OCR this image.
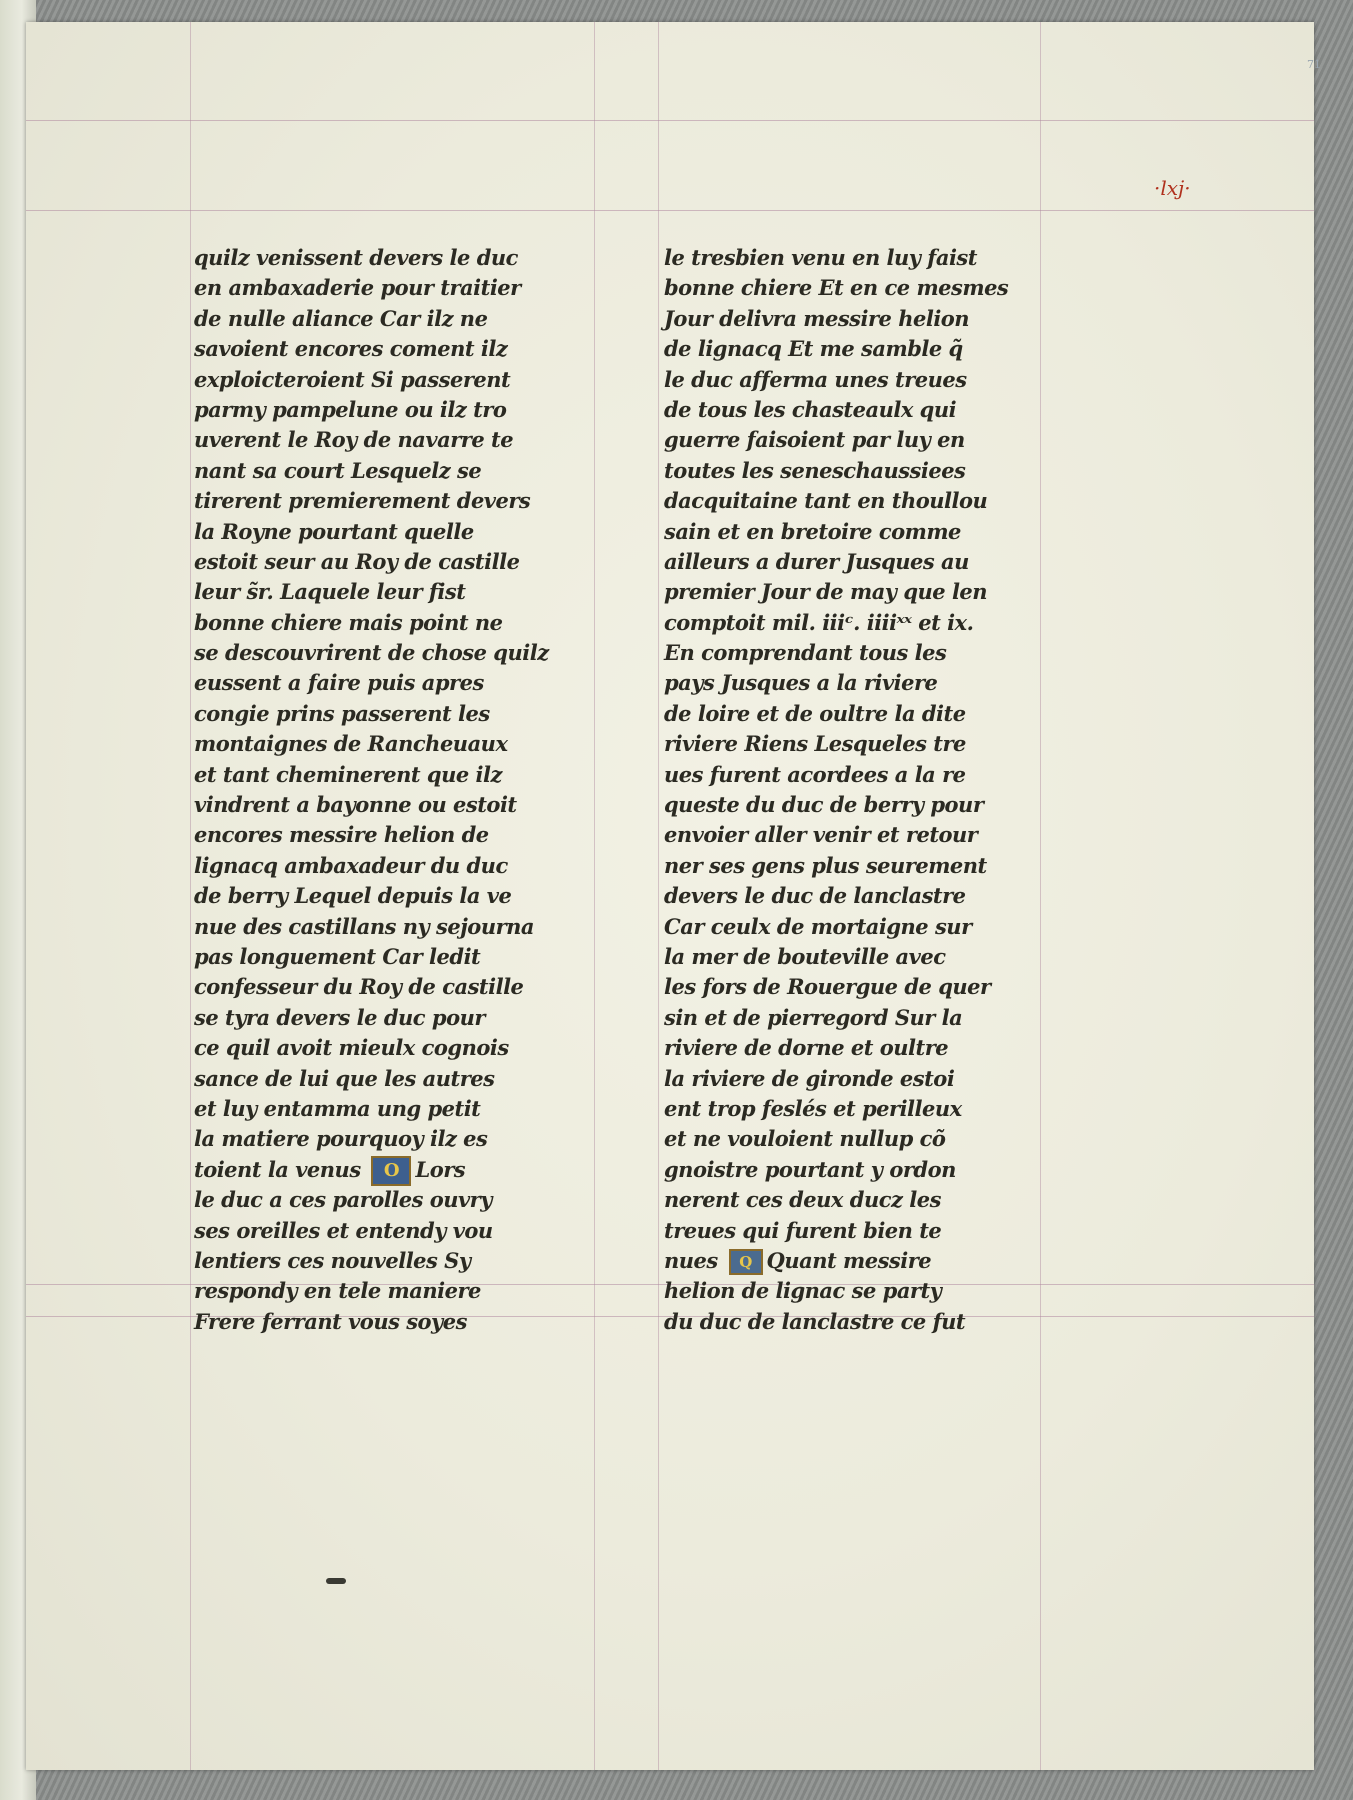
71
·lxj·
quilz venissent devers le duc
en ambaxaderie pour traitier
de nulle aliance Car ilz ne
savoient encores coment ilz
exploicteroient Si passerent
parmy pampelune ou ilz tro
uverent le Roy de navarre te
nant sa court Lesquelz se
tirerent premierement devers
la Royne pourtant quelle
estoit seur au Roy de castille
leur s̃r. Laquele leur fist
bonne chiere mais point ne
se descouvrirent de chose quilz
eussent a faire puis apres
congie prins passerent les
montaignes de Rancheuaux
et tant cheminerent que ilz
vindrent a bayonne ou estoit
encores messire helion de
lignacq ambaxadeur du duc
de berry Lequel depuis la ve
nue des castillans ny sejourna
pas longuement Car ledit
confesseur du Roy de castille
se tyra devers le duc pour
ce quil avoit mieulx cognois
sance de lui que les autres
et luy entamma ung petit
la matiere pourquoy ilz es
toient la venus O Lors
le duc a ces parolles ouvry
ses oreilles et entendy vou
lentiers ces nouvelles Sy
respondy en tele maniere
Frere ferrant vous soyes
le tresbien venu en luy faist
bonne chiere Et en ce mesmes
Jour delivra messire helion
de lignacq Et me samble q̃
le duc afferma unes treues
de tous les chasteaulx qui
guerre faisoient par luy en
toutes les seneschaussiees
dacquitaine tant en thoullou
sain et en bretoire comme
ailleurs a durer Jusques au
premier Jour de may que len
comptoit mil. iiiᶜ. iiiiˣˣ et ix.
En comprendant tous les
pays Jusques a la riviere
de loire et de oultre la dite
riviere Riens Lesqueles tre
ues furent acordees a la re
queste du duc de berry pour
envoier aller venir et retour
ner ses gens plus seurement
devers le duc de lanclastre
Car ceulx de mortaigne sur
la mer de bouteville avec
les fors de Rouergue de quer
sin et de pierregord Sur la
riviere de dorne et oultre
la riviere de gironde estoi
ent trop feslés et perilleux
et ne vouloient nullup cõ
gnoistre pourtant y ordon
nerent ces deux ducz les
treues qui furent bien te
nues Q Quant messire
helion de lignac se party
du duc de lanclastre ce fut
